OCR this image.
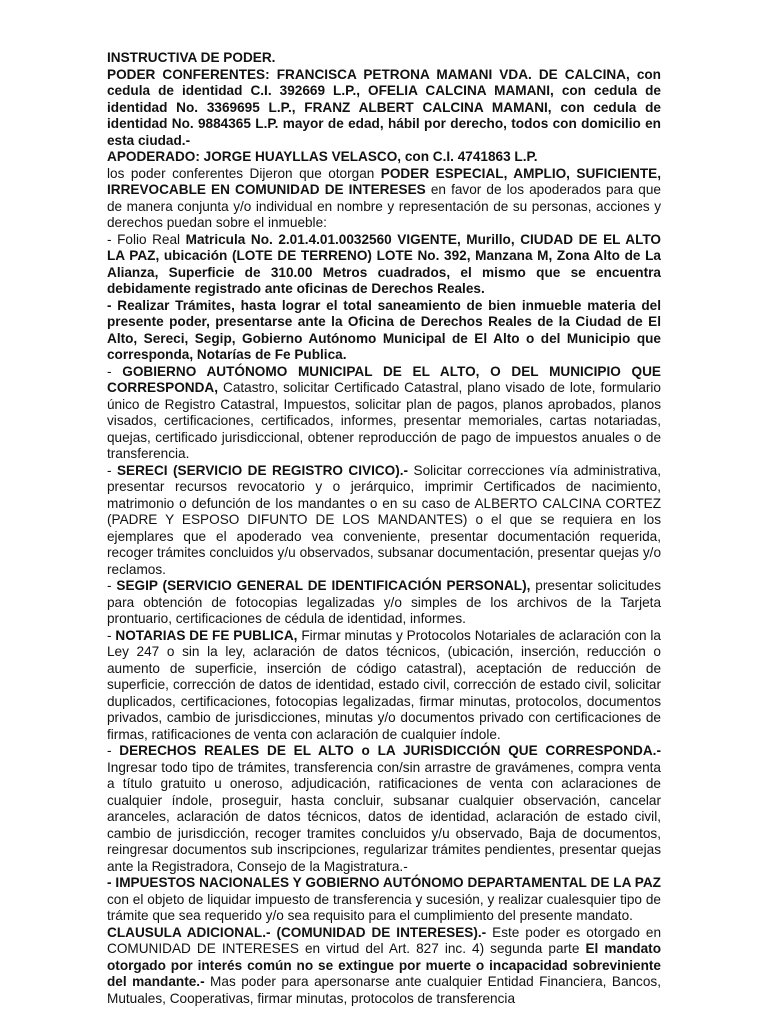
INSTRUCTIVA DE PODER.

PODER CONFERENTES: FRANCISCA PETRONA MAMANI VDA. DE CALCINA, con cedula de identidad C.I. 392669 L.P., OFELIA CALCINA MAMANI, con cedula de identidad No. 3369695 L.P., FRANZ ALBERT CALCINA MAMANI, con cedula de identidad No. 9884365 L.P. mayor de edad, hábil por derecho, todos con domicilio en esta ciudad.-

APODERADO: JORGE HUAYLLAS VELASCO, con C.I. 4741863 L.P.

los poder conferentes Dijeron que otorgan PODER ESPECIAL, AMPLIO, SUFICIENTE, IRREVOCABLE EN COMUNIDAD DE INTERESES en favor de los apoderados para que de manera conjunta y/o individual en nombre y representación de su personas, acciones y derechos puedan sobre el inmueble:

- Folio Real Matricula No. 2.01.4.01.0032560 VIGENTE, Murillo, CIUDAD DE EL ALTO LA PAZ, ubicación (LOTE DE TERRENO) LOTE No. 392, Manzana M, Zona Alto de La Alianza, Superficie de 310.00 Metros cuadrados, el mismo que se encuentra debidamente registrado ante oficinas de Derechos Reales.

- Realizar Trámites, hasta lograr el total saneamiento de bien inmueble materia del presente poder, presentarse ante la Oficina de Derechos Reales de la Ciudad de El Alto, Sereci, Segip, Gobierno Autónomo Municipal de El Alto o del Municipio que corresponda, Notarías de Fe Publica.

- GOBIERNO AUTÓNOMO MUNICIPAL DE EL ALTO, O DEL MUNICIPIO QUE CORRESPONDA, Catastro, solicitar Certificado Catastral, plano visado de lote, formulario único de Registro Catastral, Impuestos, solicitar plan de pagos, planos aprobados, planos visados, certificaciones, certificados, informes, presentar memoriales, cartas notariadas, quejas, certificado jurisdiccional, obtener reproducción de pago de impuestos anuales o de transferencia.

- SERECI (SERVICIO DE REGISTRO CIVICO).- Solicitar correcciones vía administrativa, presentar recursos revocatorio y o jerárquico, imprimir Certificados de nacimiento, matrimonio o defunción de los mandantes o en su caso de ALBERTO CALCINA CORTEZ (PADRE Y ESPOSO DIFUNTO DE LOS MANDANTES) o el que se requiera en los ejemplares que el apoderado vea conveniente, presentar documentación requerida, recoger trámites concluidos y/u observados, subsanar documentación, presentar quejas y/o reclamos.

- SEGIP (SERVICIO GENERAL DE IDENTIFICACIÓN PERSONAL), presentar solicitudes para obtención de fotocopias legalizadas y/o simples de los archivos de la Tarjeta prontuario, certificaciones de cédula de identidad, informes.

- NOTARIAS DE FE PUBLICA, Firmar minutas y Protocolos Notariales de aclaración con la Ley 247 o sin la ley, aclaración de datos técnicos, (ubicación, inserción, reducción o aumento de superficie, inserción de código catastral), aceptación de reducción de superficie, corrección de datos de identidad, estado civil, corrección de estado civil, solicitar duplicados, certificaciones, fotocopias legalizadas, firmar minutas, protocolos, documentos privados, cambio de jurisdicciones, minutas y/o documentos privado con certificaciones de firmas, ratificaciones de venta con aclaración de cualquier índole.

- DERECHOS REALES DE EL ALTO o LA JURISDICCIÓN QUE CORRESPONDA.- Ingresar todo tipo de trámites, transferencia con/sin arrastre de gravámenes, compra venta a título gratuito u oneroso, adjudicación, ratificaciones de venta con aclaraciones de cualquier índole, proseguir, hasta concluir, subsanar cualquier observación, cancelar aranceles, aclaración de datos técnicos, datos de identidad, aclaración de estado civil, cambio de jurisdicción, recoger tramites concluidos y/u observado, Baja de documentos, reingresar documentos sub inscripciones, regularizar trámites pendientes, presentar quejas ante la Registradora, Consejo de la Magistratura.-

- IMPUESTOS NACIONALES Y GOBIERNO AUTÓNOMO DEPARTAMENTAL DE LA PAZ con el objeto de liquidar impuesto de transferencia y sucesión, y realizar cualesquier tipo de trámite que sea requerido y/o sea requisito para el cumplimiento del presente mandato.

CLAUSULA ADICIONAL.- (COMUNIDAD DE INTERESES).- Este poder es otorgado en COMUNIDAD DE INTERESES en virtud del Art. 827 inc. 4) segunda parte El mandato otorgado por interés común no se extingue por muerte o incapacidad sobreviniente del mandante.- Mas poder para apersonarse ante cualquier Entidad Financiera, Bancos, Mutuales, Cooperativas, firmar minutas, protocolos de transferencia
